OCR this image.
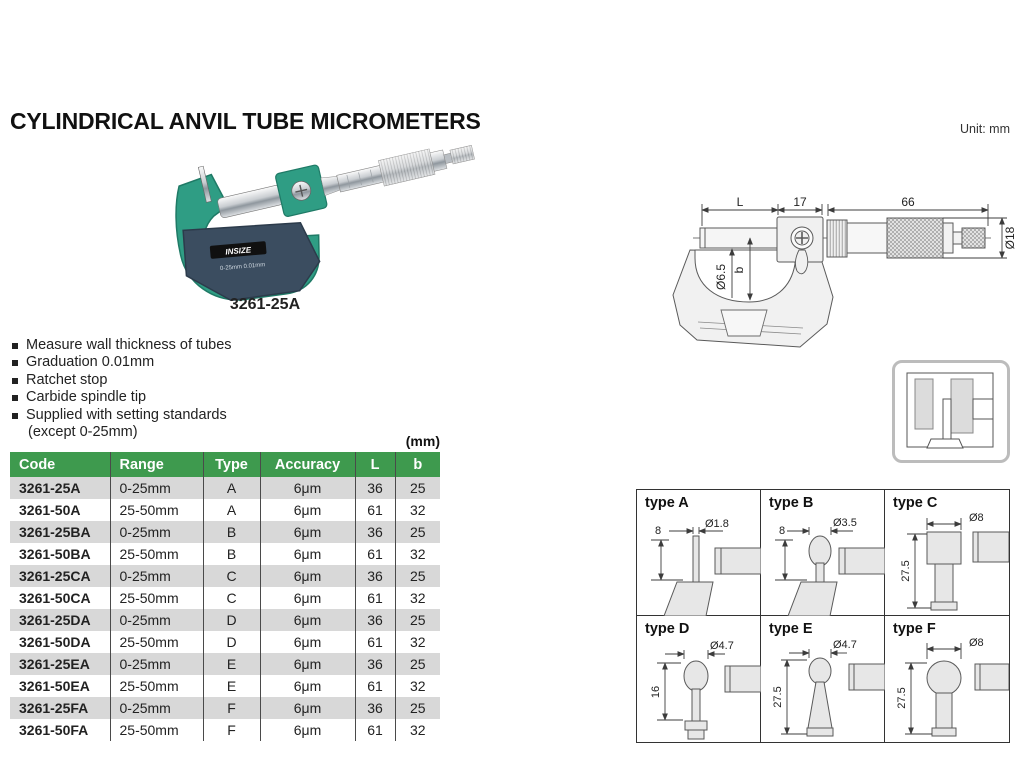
CYLINDRICAL ANVIL TUBE MICROMETERS	Unit: mm
INSIZE
0-25mm 0.01mm
3261-25A
Measure wall thickness of tubes
Graduation 0.01mm
Ratchet stop
Carbide spindle tip
Supplied with setting standards
(except 0-25mm)
(mm)
Code	Range	Type	Accuracy	L	b
3261-25A	0-25mm	A	6μm	36	25
3261-50A	25-50mm	A	6μm	61	32
3261-25BA	0-25mm	B	6μm	36	25
3261-50BA	25-50mm	B	6μm	61	32
3261-25CA	0-25mm	C	6μm	36	25
3261-50CA	25-50mm	C	6μm	61	32
3261-25DA	0-25mm	D	6μm	36	25
3261-50DA	25-50mm	D	6μm	61	32
3261-25EA	0-25mm	E	6μm	36	25
3261-50EA	25-50mm	E	6μm	61	32
3261-25FA	0-25mm	F	6μm	36	25
3261-50FA	25-50mm	F	6μm	61	32
L	17	66
Ø18
Ø6.5 b
8
Ø1.8
type A
8
Ø3.5
type B
27.5
Ø8
type C
16
Ø4.7
type D
27.5
Ø4.7
type E
27.5
Ø8
type F
